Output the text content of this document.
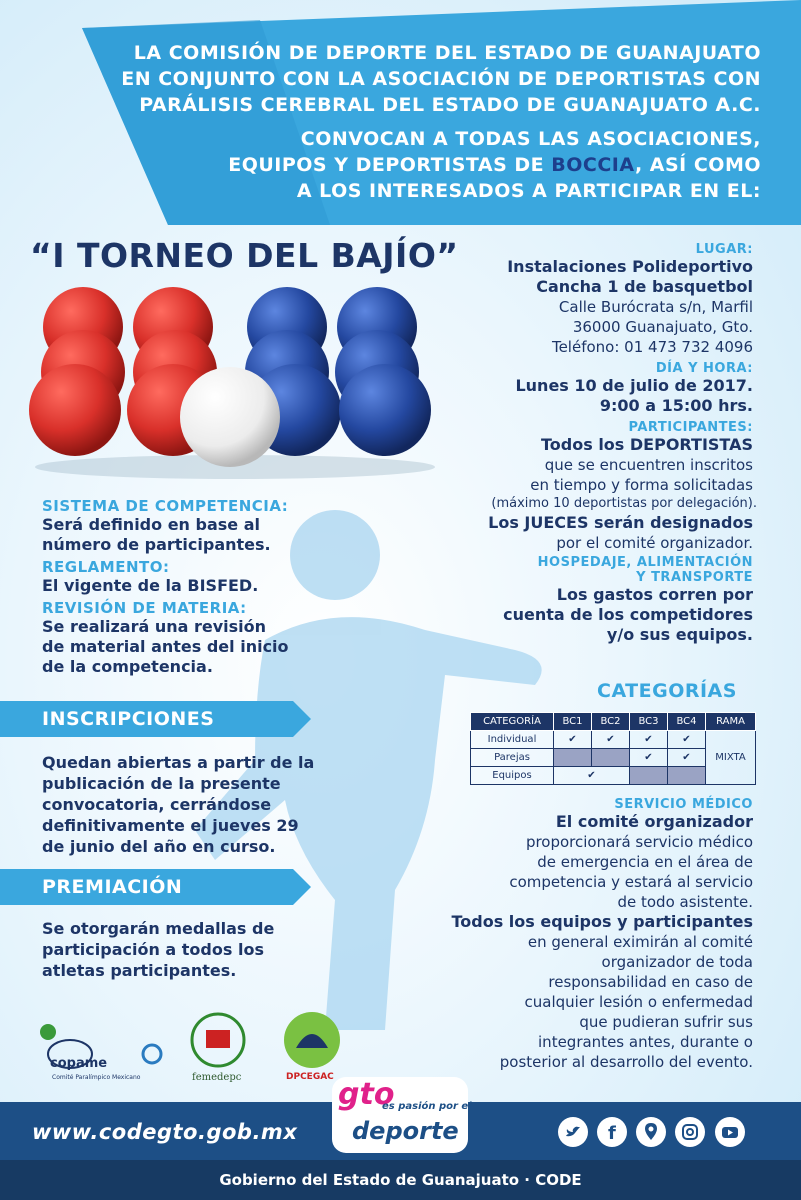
LA COMISIÓN DE DEPORTE DEL ESTADO DE GUANAJUATO
EN CONJUNTO CON LA ASOCIACIÓN DE DEPORTISTAS CON
PARÁLISIS CEREBRAL DEL ESTADO DE GUANAJUATO A.C.
CONVOCAN A TODAS LAS ASOCIACIONES,
EQUIPOS Y DEPORTISTAS DE BOCCIA, ASÍ COMO
A LOS INTERESADOS A PARTICIPAR EN EL:
“I TORNEO DEL BAJÍO”	LUGAR:
Instalaciones Polideportivo
Cancha 1 de basquetbol
Calle Burócrata s/n, Marfil
36000 Guanajuato, Gto.
Teléfono: 01 473 732 4096
DÍA Y HORA:
Lunes 10 de julio de 2017.
9:00 a 15:00 hrs.
PARTICIPANTES:
Todos los DEPORTISTAS
que se encuentren inscritos
en tiempo y forma solicitadas
(máximo 10 deportistas por delegación).
Los JUECES serán designados
por el comité organizador.
HOSPEDAJE, ALIMENTACIÓN
Y TRANSPORTE
Los gastos corren por
cuenta de los competidores
y/o sus equipos.
SISTEMA DE COMPETENCIA:
Será definido en base al
número de participantes.
REGLAMENTO:
El vigente de la BISFED.
REVISIÓN DE MATERIA:
Se realizará una revisión
de material antes del inicio
de la competencia.
INSCRIPCIONES
Quedan abiertas a partir de la
publicación de la presente
convocatoria, cerrándose
definitivamente el jueves 29
de junio del año en curso.
PREMIACIÓN
Se otorgarán medallas de
participación a todos los
atletas participantes.
CATEGORÍAS
CATEGORÍA	BC1	BC2	BC3	BC4	RAMA
Individual	✔	✔	✔	✔	MIXTA
Parejas			✔	✔	
Equipos	✔				
SERVICIO MÉDICO
El comité organizador
proporcionará servicio médico
de emergencia en el área de
competencia y estará al servicio
de todo asistente.
Todos los equipos y participantes
en general eximirán al comité
organizador de toda
responsabilidad en caso de
cualquier lesión o enfermedad
que pudieran sufrir sus
integrantes antes, durante o
posterior al desarrollo del evento.
copame
Comité Paralímpico Mexicano	femedepc	DPCEGAC
www.codegto.gob.mx
gto
es pasión por el
deporte	f
Gobierno del Estado de Guanajuato · CODE
